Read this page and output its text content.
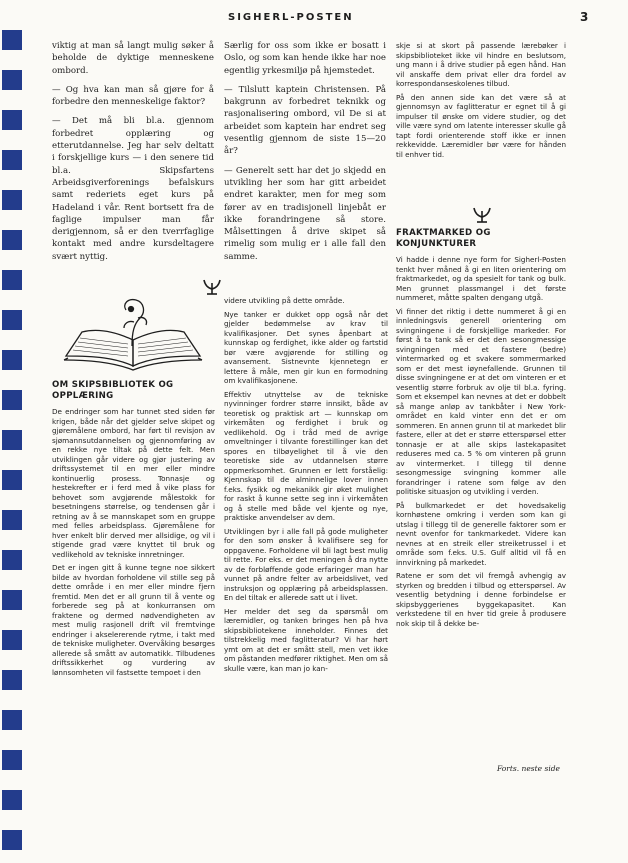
SIGHERL-POSTEN	3

viktig at man så langt mulig søker å beholde de dyktige menneskene ombord.

— Og hva kan man så gjøre for å forbedre den menneskelige faktor?

— Det må bli bl.a. gjennom forbedret opplæring og etterutdannelse. Jeg har selv deltatt i forskjellige kurs — i den senere tid bl.a. Skipsfartens Arbeidsgiverforenings befalskurs samt rederiets eget kurs på Hadeland i vår. Rent bortsett fra de faglige impulser man får derigjennom, så er den tverrfaglige kontakt med andre kursdeltagere svært nyttig.

Særlig for oss som ikke er bosatt i Oslo, og som kan hende ikke har noe egentlig yrkesmiljø på hjemstedet.

— Tilslutt kaptein Christensen. På bakgrunn av forbedret teknikk og rasjonalisering ombord, vil De si at arbeidet som kaptein har endret seg vesentlig gjennom de siste 15—20 år?

— Generelt sett har det jo skjedd en utvikling her som har gitt arbeidet endret karakter, men for meg som fører av en tradisjonell linjebåt er ikke forandringene så store. Målsettingen å drive skipet så rimelig som mulig er i alle fall den samme.

skje si at skort på passende lærebøker i skipsbiblioteket ikke vil hindre en beslutsom, ung mann i å drive studier på egen hånd. Han vil anskaffe dem privat eller dra fordel av korrespondanseskolenes tilbud.

På den annen side kan det være så at gjennomsyn av faglitteratur er egnet til å gi impulser til ønske om videre studier, og det ville være synd om latente interesser skulle gå tapt fordi orienterende stoff ikke er innen rekkevidde. Læremidler bør være for hånden til enhver tid.

OM SKIPSBIBLIOTEK OG OPPLÆRING

De endringer som har tunnet sted siden før krigen, både når det gjelder selve skipet og gjøremålene ombord, har ført til revisjon av sjømannsutdannelsen og gjennomføring av en rekke nye tiltak på dette felt. Men utviklingen går videre og gjør justering av driftssystemet til en mer eller mindre kontinuerlig prosess. Tonnasje og hestekrefter er i ferd med å vike plass for behovet som avgjørende målestokk for besetningens størrelse, og tendensen går i retning av å se mannskapet som en gruppe med felles arbeidsplass. Gjøremålene for hver enkelt blir derved mer allsidige, og vil i stigende grad være knyttet til bruk og vedlikehold av tekniske innretninger.

Det er ingen gitt å kunne tegne noe sikkert bilde av hvordan forholdene vil stille seg på dette område i en mer eller mindre fjern fremtid. Men det er all grunn til å vente og forberede seg på at konkurransen om fraktene og dermed nødvendigheten av mest mulig rasjonell drift vil fremtvinge endringer i akselererende rytme, i takt med de tekniske muligheter. Overvåking besørges allerede så smått av automatikk. Tilbudenes driftssikkerhet og vurdering av lønnsomheten vil fastsette tempoet i den

videre utvikling på dette område.

Nye tanker er dukket opp også når det gjelder bedømmelse av krav til kvalifikasjoner. Det synes åpenbart at kunnskap og ferdighet, ikke alder og fartstid bør være avgjørende for stilling og avansement. Sistnevnte kjennetegn er lettere å måle, men gir kun en formodning om kvalifikasjonene.

Effektiv utnyttelse av de tekniske nyvinninger fordrer større innsikt, både av teoretisk og praktisk art — kunnskap om virkemåten og ferdighet i bruk og vedlikehold. Og i tråd med de avrige omveltninger i tilvante forestillinger kan det spores en tilbøyelighet til å vie den teoretiske side av utdannelsen større oppmerksomhet. Grunnen er lett forståelig: Kjennskap til de alminnelige lover innen f.eks. fysikk og mekanikk gir øket mulighet for raskt å kunne sette seg inn i virkemåten og å stelle med både vel kjente og nye, praktiske anvendelser av dem.

Utviklingen byr i alle fall på gode muligheter for den som ønsker å kvalifisere seg for oppgavene. Forholdene vil bli lagt best mulig til rette. For eks. er det meningen å dra nytte av de forbløffende gode erfaringer man har vunnet på andre felter av arbeidslivet, ved instruksjon og opplæring på arbeidsplassen. En del tiltak er allerede satt ut i livet.

Her melder det seg da spørsmål om læremidler, og tanken bringes hen på hva skipsbibliotekene inneholder. Finnes det tilstrekkelig med faglitteratur? Vi har hørt ymt om at det er smått stell, men vet ikke om påstanden medfører riktighet. Men om så skulle være, kan man jo kan-

FRAKTMARKED OG KONJUNKTURER

Vi hadde i denne nye form for Sigherl-Posten tenkt hver måned å gi en liten orientering om fraktmarkedet, og da spesielt for tank og bulk. Men grunnet plassmangel i det første nummeret, måtte spalten dengang utgå.

Vi finner det riktig i dette nummeret å gi en innledningsvis generell orientering om svingningene i de forskjellige markeder. For først å ta tank så er det den sesongmessige svingningen med et fastere (bedre) vintermarked og et svakere sommermarked som er det mest iøynefallende. Grunnen til disse svingningene er at det om vinteren er et vesentlig større forbruk av olje til bl.a. fyring. Som et eksempel kan nevnes at det er dobbelt så mange anløp av tankbåter i New York-området en kald vinter enn det er om sommeren. En annen grunn til at markedet blir fastere, eller at det er større etterspørsel etter tonnasje er at alle skips lastekapasitet reduseres med ca. 5 % om vinteren på grunn av vintermerket. I tillegg til denne sesongmessige svingning kommer alle forandringer i ratene som følge av den politiske situasjon og utvikling i verden.

På bulkmarkedet er det hovedsakelig kornhøstene omkring i verden som kan gi utslag i tillegg til de generelle faktorer som er nevnt ovenfor for tankmarkedet. Videre kan nevnes at en streik eller streiketrussel i et område som f.eks. U.S. Gulf alltid vil få en innvirkning på markedet.

Ratene er som det vil fremgå avhengig av styrken og bredden i tilbud og etterspørsel. Av vesentlig betydning i denne forbindelse er skipsbyggerienes byggekapasitet. Kan verkstedene til en hver tid greie å produsere nok skip til å dekke be-

Forts. neste side
